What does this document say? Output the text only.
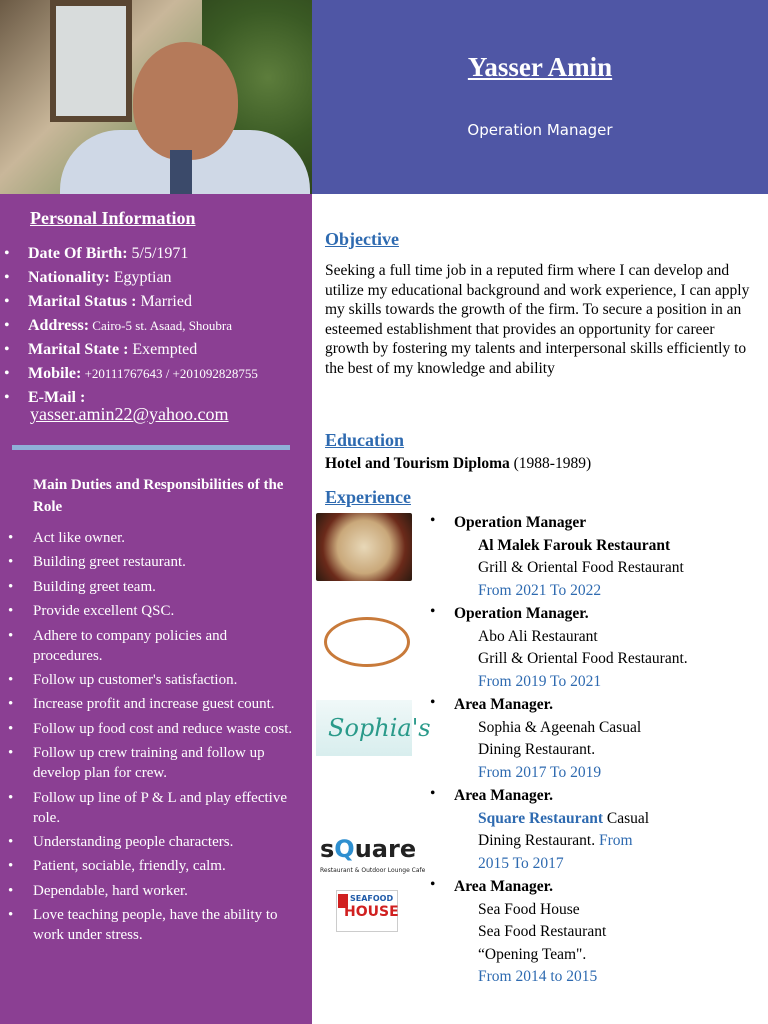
Yasser Amin
Operation Manager
Personal Information
• Date Of Birth: 5/5/1971
• Nationality: Egyptian
• Marital Status : Married
• Address: Cairo-5 st. Asaad, Shoubra
• Marital State : Exempted
• Mobile: +20111767643 / +201092828755
• E-Mail :
yasser.amin22@yahoo.com
Main Duties and Responsibilities of the Role
• Act like owner.
• Building greet restaurant.
• Building greet team.
• Provide excellent QSC.
• Adhere to company policies and procedures.
• Follow up customer's satisfaction.
• Increase profit and increase guest count.
• Follow up food cost and reduce waste cost.
• Follow up crew training and follow up develop plan for crew.
• Follow up line of P & L and play effective role.
• Understanding people characters.
• Patient, sociable, friendly, calm.
• Dependable, hard worker.
• Love teaching people, have the ability to work under stress.
Objective
Seeking a full time job in a reputed firm where I can develop and utilize my educational background and work experience, I can apply my skills towards the growth of the firm. To secure a position in an esteemed establishment that provides an opportunity for career growth by fostering my talents and interpersonal skills efficiently to the best of my knowledge and ability
Education
Hotel and Tourism Diploma (1988-1989)
Experience
• Operation Manager
Al Malek Farouk Restaurant
Grill & Oriental Food Restaurant
From 2021 To 2022
• Operation Manager.
Abo Ali Restaurant
Grill & Oriental Food Restaurant.
From 2019 To 2021
Sophia's
• Area Manager.
Sophia & Ageenah Casual
Dining Restaurant.
From 2017 To 2019
sQuare
Restaurant & Outdoor Lounge Cafe
• Area Manager.
Square Restaurant Casual
Dining Restaurant. From
2015 To 2017
SEAFOOD
HOUSE
• Area Manager.
Sea Food House
Sea Food Restaurant
“Opening Team".
From 2014 to 2015
